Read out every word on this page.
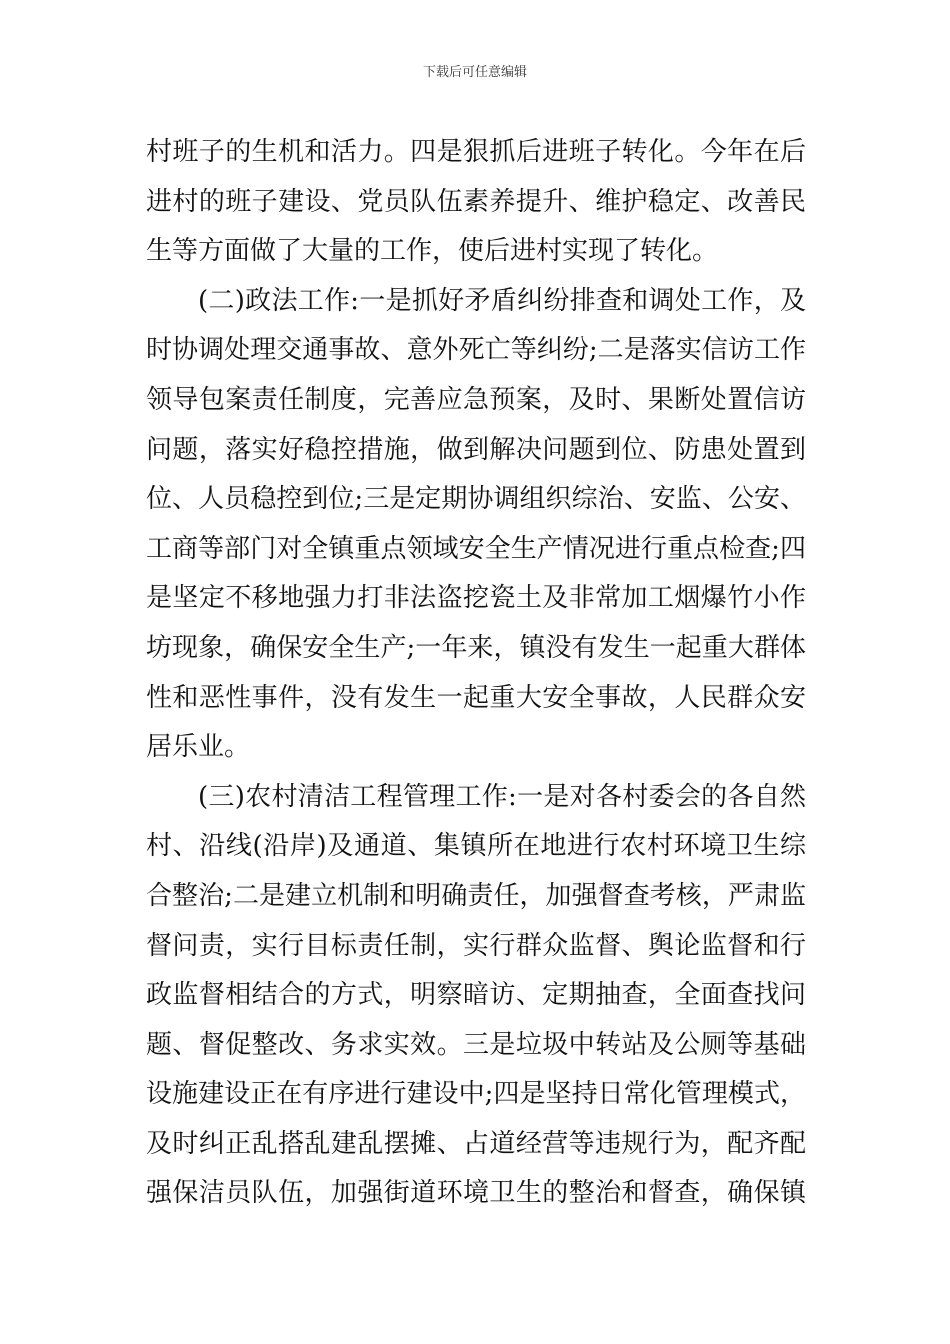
下载后可任意编辑
村班子的生机和活力。四是狠抓后进班子转化。今年在后
进村的班子建设、党员队伍素养提升、维护稳定、改善民
生等方面做了大量的工作，使后进村实现了转化。
(二)政法工作:一是抓好矛盾纠纷排查和调处工作，及
时协调处理交通事故、意外死亡等纠纷;二是落实信访工作
领导包案责任制度，完善应急预案，及时、果断处置信访
问题，落实好稳控措施，做到解决问题到位、防患处置到
位、人员稳控到位;三是定期协调组织综治、安监、公安、
工商等部门对全镇重点领域安全生产情况进行重点检查;四
是坚定不移地强力打非法盗挖瓷土及非常加工烟爆竹小作
坊现象，确保安全生产;一年来，镇没有发生一起重大群体
性和恶性事件，没有发生一起重大安全事故，人民群众安
居乐业。
(三)农村清洁工程管理工作:一是对各村委会的各自然
村、沿线(沿岸)及通道、集镇所在地进行农村环境卫生综
合整治;二是建立机制和明确责任，加强督查考核，严肃监
督问责，实行目标责任制，实行群众监督、舆论监督和行
政监督相结合的方式，明察暗访、定期抽查，全面查找问
题、督促整改、务求实效。三是垃圾中转站及公厕等基础
设施建设正在有序进行建设中;四是坚持日常化管理模式，
及时纠正乱搭乱建乱摆摊、占道经营等违规行为，配齐配
强保洁员队伍，加强街道环境卫生的整治和督查，确保镇
